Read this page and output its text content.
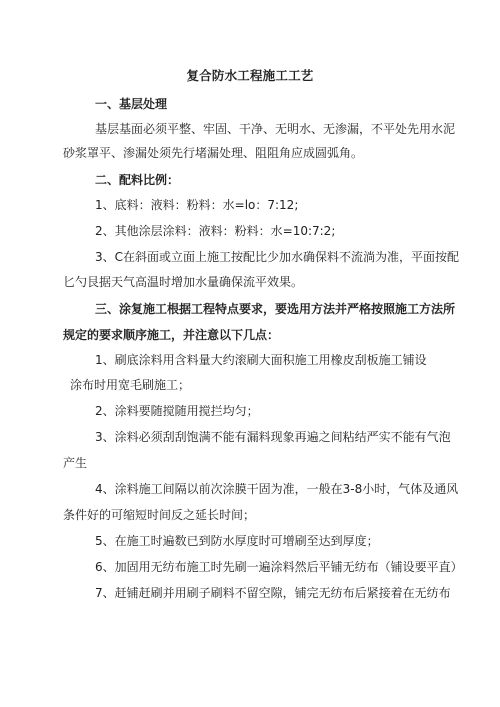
复合防水工程施工工艺
一、基层处理
基层基面必须平整、牢固、干净、无明水、无渗漏，不平处先用水泥
砂浆罩平、渗漏处须先行堵漏处理、阻阻角应成圆弧角。
二、配料比例：
1、底料：液料：粉料：水=lo：7:12;
2、其他涂层涂料：液料：粉料：水=10:7:2;
3、C在斜面或立面上施工按配比少加水确保料不流淌为准，平面按配
匕勺艮据天气高温时增加水量确保流平效果。
三、涂复施工根据工程特点要求，要选用方法并严格按照施工方法所
规定的要求顺序施工，并注意以下几点：
1、刷底涂料用含料量大约滚刷大面积施工用橡皮刮板施工铺设
涂布时用宽毛刷施工；
2、涂料要随搅随用搅拦均匀；
3、涂料必须刮刮饱满不能有漏料现象再遍之间粘结严实不能有气泡
产生
4、涂料施工间隔以前次涂膜干固为准，一般在3-8小时，气体及通风
条件好的可缩短时间反之延长时间；
5、在施工时遍数已到防水厚度时可增刷至达到厚度；
6、加固用无纺布施工时先刷一遍涂料然后平铺无纺布（铺设要平直）
7、赶铺赶刷并用刷子刷料不留空隙，铺完无纺布后紧接着在无纺布
